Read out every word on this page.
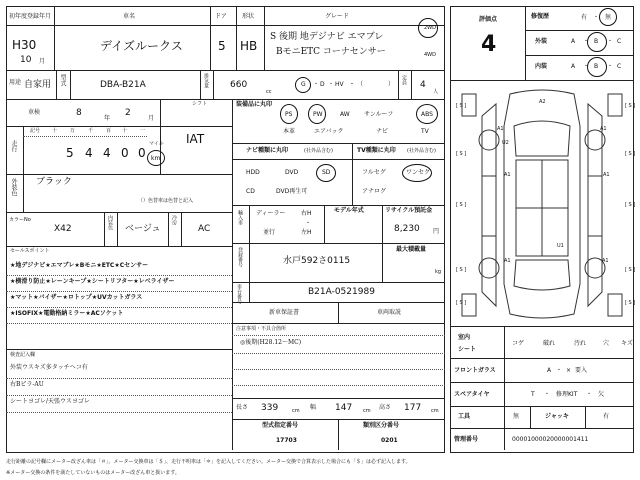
初年度登録年月
H30
10 月
車名
デイズルークス
ドア
5
形状
HB
グレード
S 後期 地デジナビ エマブレ
BモニETC コーナセンサー
2WD
4WD
用途 自家用 型式	DBA-B21A	排気量 660
cc
G ・ D ・ HV ・ （	） 定員 4
人
車検	8
年
2
月
シフト
IAT
走行
記号 十	万	千	百 十	一
5 4 4 0 0
マイル
km
外装色 ブラック
（）色替車は色替と記入
カラーNo
X42	内装色 ベージュ
冷房
AC
セールスポイント
★地デジナビ★エマブレ★Bモニ★ETC★Cセンサー
★横滑り防止★レーンキープ★シートリフター★レベライザー
★マット★バイザー★ロトップ★UVカットガラス
★ISOFIX★電動格納ミラー★ACソケット
検査記入欄
外装ウスキズ多タッチヘコ有
右Bピラ-AU
シートヨゴレ/天張ウスヨゴレ
装備品に丸印
PS	PW	AW サンルーフ	ABS
本革	エアバック	ナビ	TV
ナビ種類に丸印	(社外品含む)
HDD	DVD	SD
CD	DVD再生可
TV種類に丸印 (社外品含む)
フルセグ	ワンセグ
アナログ
輸入車 ディーラー
並行
右H
・
左H
モデル年式	リサイクル預託金
8,230 円
登録番号	水戸592さ0115
最大積載量
kg
車台番号	B21A-0521989
新車保証書	車両取説
注意事項・不具合箇所
◎後期(H28.12～MC)
長さ 339	cm 幅 147 cm 高さ 177 cm
型式指定番号
17703
類別区分番号
0201
評価点
4
修復歴	有 ・ 無
外装	A ・ B ・ C
内装	A ・ B ・ C
A2
A1	A1
U2
A1	A1
U1
A1	A1
[ S ]
[ S ]
[ S ]
[ S ]
[ S ]
[ S ]
[ S ]
[ S ]
[ S ]
[ S ]
室内
シート
コゲ	破れ	汚れ	穴 キズ
フロントガラス	A ・ × 要入
スペアタイヤ	T ・ 修理KIT ・ 欠
工具	無	ジャッキ	有
管理番号	00001000020000001411
走行距離の記号欄にメーター改ざん車は「＃」、メーター交換車は「＄」、走行不明車は「＊」を記入してください。メーター交換で合算表示した場合にも「＄」は必ず記入します。
※メーター交換の条件を満たしていないものはメーター改ざん車と扱います。
